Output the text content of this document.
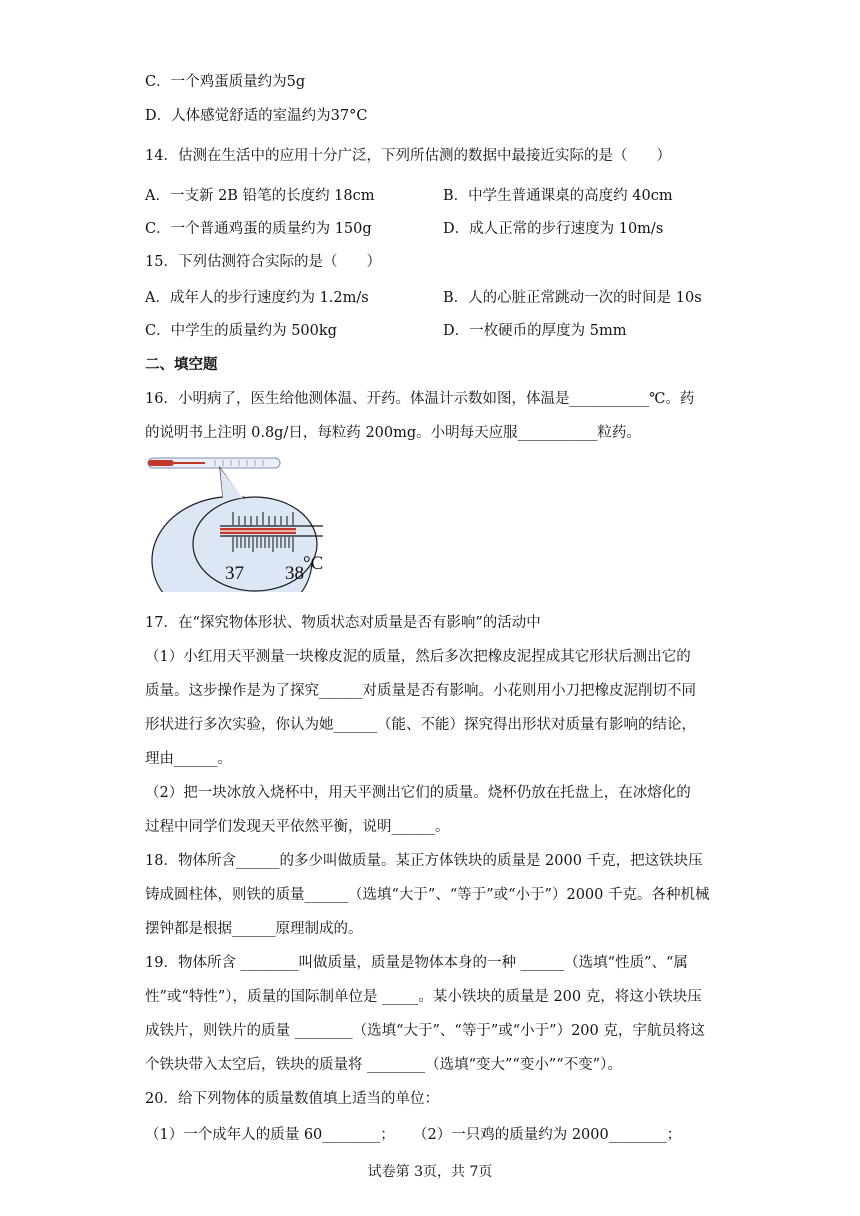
C．一个鸡蛋质量约为5g
D．人体感觉舒适的室温约为37°C
14．估测在生活中的应用十分广泛，下列所估测的数据中最接近实际的是（　　）
A．一支新 2B 铅笔的长度约 18cm	B．中学生普通课桌的高度约 40cm
C．一个普通鸡蛋的质量约为 150g	D．成人正常的步行速度为 10m/s
15．下列估测符合实际的是（　　）
A．成年人的步行速度约为 1.2m/s	B．人的心脏正常跳动一次的时间是 10s
C．中学生的质量约为 500kg	D．一枚硬币的厚度为 5mm
二、填空题
16．小明病了，医生给他测体温、开药。体温计示数如图，体温是___________℃。药
的说明书上注明 0.8g/日，每粒药 200mg。小明每天应服___________粒药。
37 38 °C
17．在“探究物体形状、物质状态对质量是否有影响”的活动中
（1）小红用天平测量一块橡皮泥的质量，然后多次把橡皮泥捏成其它形状后测出它的
质量。这步操作是为了探究______对质量是否有影响。小花则用小刀把橡皮泥削切不同
形状进行多次实验，你认为她______（能、不能）探究得出形状对质量有影响的结论，
理由______。
（2）把一块冰放入烧杯中，用天平测出它们的质量。烧杯仍放在托盘上，在冰熔化的
过程中同学们发现天平依然平衡，说明______。
18．物体所含______的多少叫做质量。某正方体铁块的质量是 2000 千克，把这铁块压
铸成圆柱体，则铁的质量______（选填“大于”、“等于”或“小于”）2000 千克。各种机械
摆钟都是根据______原理制成的。
19．物体所含 ________叫做质量，质量是物体本身的一种 ______（选填“性质”、“属
性”或“特性”），质量的国际制单位是 _____。某小铁块的质量是 200 克，将这小铁块压
成铁片，则铁片的质量 ________（选填“大于”、“等于”或“小于”）200 克，宇航员将这
个铁块带入太空后，铁块的质量将 ________（选填“变大”“变小”“不变”）。
20．给下列物体的质量数值填上适当的单位：
（1）一个成年人的质量 60________； （2）一只鸡的质量约为 2000________；
试卷第 3页，共 7页
